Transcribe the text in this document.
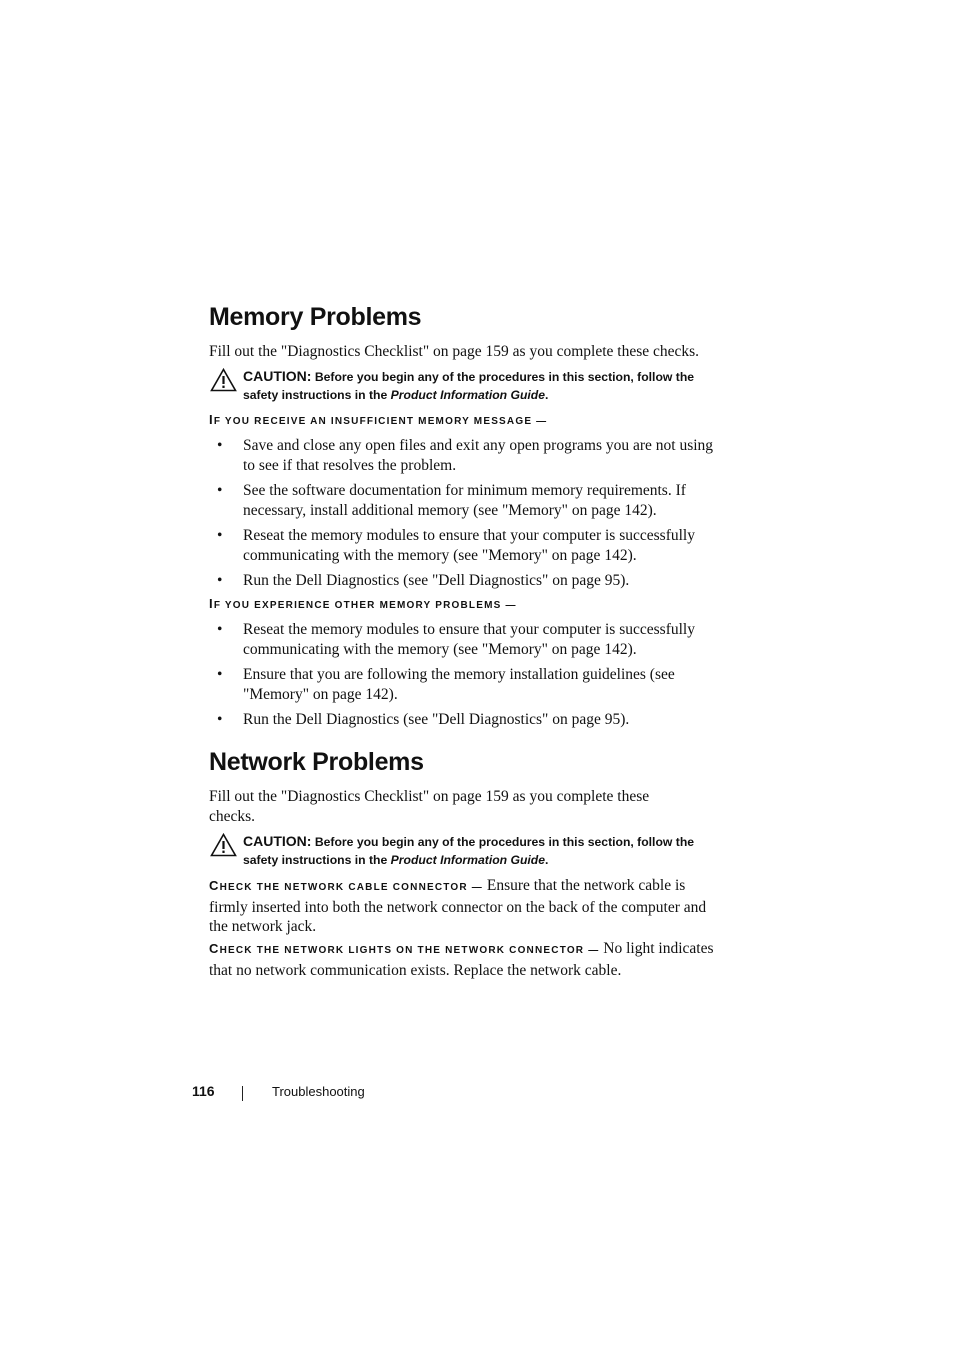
Memory Problems

Fill out the "Diagnostics Checklist" on page 159 as you complete these checks.

CAUTION: Before you begin any of the procedures in this section, follow the safety instructions in the Product Information Guide.
IF YOU RECEIVE AN INSUFFICIENT MEMORY MESSAGE —
• Save and close any open files and exit any open programs you are not using to see if that resolves the problem.
• See the software documentation for minimum memory requirements. If necessary, install additional memory (see "Memory" on page 142).
• Reseat the memory modules to ensure that your computer is successfully communicating with the memory (see "Memory" on page 142).
• Run the Dell Diagnostics (see "Dell Diagnostics" on page 95).
IF YOU EXPERIENCE OTHER MEMORY PROBLEMS —
• Reseat the memory modules to ensure that your computer is successfully communicating with the memory (see "Memory" on page 142).
• Ensure that you are following the memory installation guidelines (see "Memory" on page 142).
• Run the Dell Diagnostics (see "Dell Diagnostics" on page 95).
Network Problems

Fill out the "Diagnostics Checklist" on page 159 as you complete these checks.

CAUTION: Before you begin any of the procedures in this section, follow the safety instructions in the Product Information Guide.

CHECK THE NETWORK CABLE CONNECTOR — Ensure that the network cable is firmly inserted into both the network connector on the back of the computer and the network jack.

CHECK THE NETWORK LIGHTS ON THE NETWORK CONNECTOR — No light indicates that no network communication exists. Replace the network cable.

116	Troubleshooting
